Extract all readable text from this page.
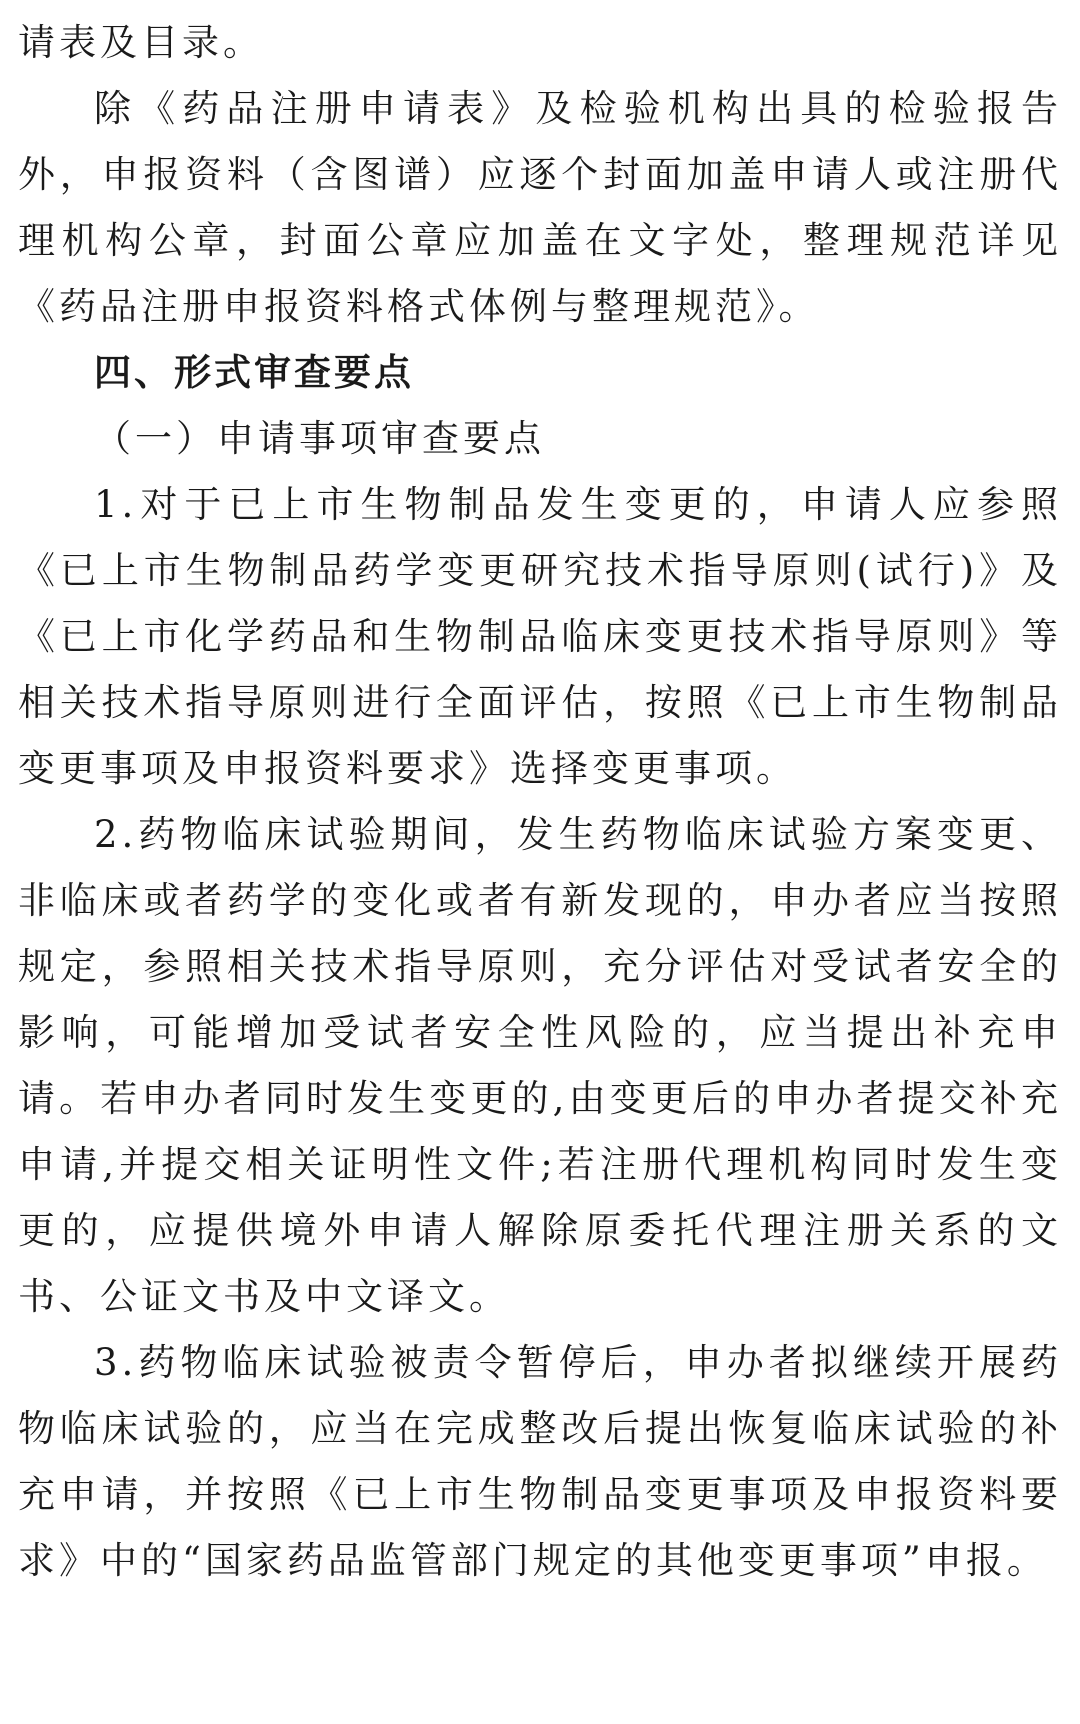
请表及目录。

除《药品注册申请表》及检验机构出具的检验报告外，申报资料（含图谱）应逐个封面加盖申请人或注册代理机构公章，封面公章应加盖在文字处，整理规范详见《药品注册申报资料格式体例与整理规范》。

四、形式审查要点

（一）申请事项审查要点

1.对于已上市生物制品发生变更的，申请人应参照《已上市生物制品药学变更研究技术指导原则(试行)》及《已上市化学药品和生物制品临床变更技术指导原则》等相关技术指导原则进行全面评估，按照《已上市生物制品变更事项及申报资料要求》选择变更事项。

2.药物临床试验期间，发生药物临床试验方案变更、非临床或者药学的变化或者有新发现的，申办者应当按照规定，参照相关技术指导原则，充分评估对受试者安全的影响，可能增加受试者安全性风险的，应当提出补充申请。若申办者同时发生变更的,由变更后的申办者提交补充申请,并提交相关证明性文件;若注册代理机构同时发生变更的，应提供境外申请人解除原委托代理注册关系的文书、公证文书及中文译文。

3.药物临床试验被责令暂停后，申办者拟继续开展药物临床试验的，应当在完成整改后提出恢复临床试验的补充申请，并按照《已上市生物制品变更事项及申报资料要求》中的“国家药品监管部门规定的其他变更事项”申报。
